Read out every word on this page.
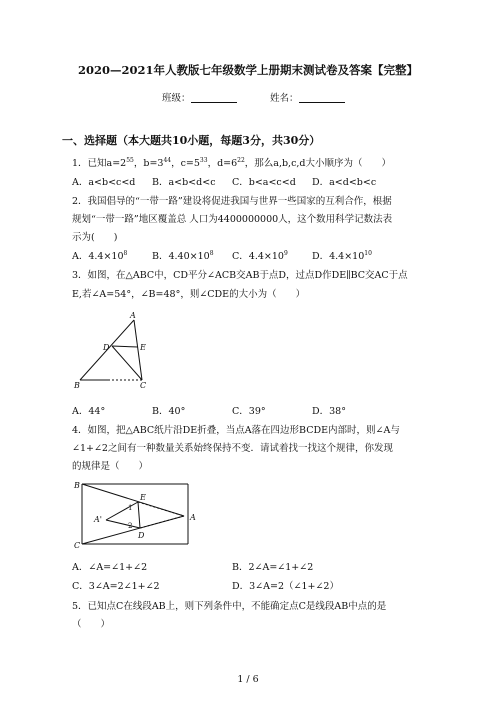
2020—2021年人教版七年级数学上册期末测试卷及答案【完整】
班级：	姓名：
一、选择题（本大题共10小题，每题3分，共30分）
1．已知$a=2^{55}$，$b=3^{44}$，$c=5^{33}$，$d=6^{22}$，那么a,b,c,d大小顺序为（　　）
A．a<b<c<d B．a<b<d<c C．b<a<c<d D．a<d<b<c
2．我国倡导的“一带一路”建设将促进我国与世界一些国家的互利合作，根据
规划“一带一路”地区覆盖总 人口为4400000000人，这个数用科学记数法表
示为(　　)
A．$4.4\times 10^8$	B．$4.40\times 10^8$ C．$4.4\times 10^9$	D．$4.4\times 10^{10}$
3．如图，在△ABC中，CD平分∠ACB交AB于点D，过点D作DE∥BC交AC于点
E,若∠A=54°，∠B=48°，则∠CDE的大小为（　　）
A
D	E
B	C
A．44°	B．40°	C．39°	D．38°
4．如图，把△ABC纸片沿DE折叠，当点A落在四边形BCDE内部时，则∠A与
∠1+∠2之间有一种数量关系始终保持不变．请试着找一找这个规律，你发现
的规律是（　　）
B
E
A'	A
D
C
1
2
A．∠A=∠1+∠2	B．2∠A=∠1+∠2
C．3∠A=2∠1+∠2	D．3∠A=2（∠1+∠2）
5．已知点C在线段AB上，则下列条件中，不能确定点C是线段AB中点的是
（　　）
1 / 6
